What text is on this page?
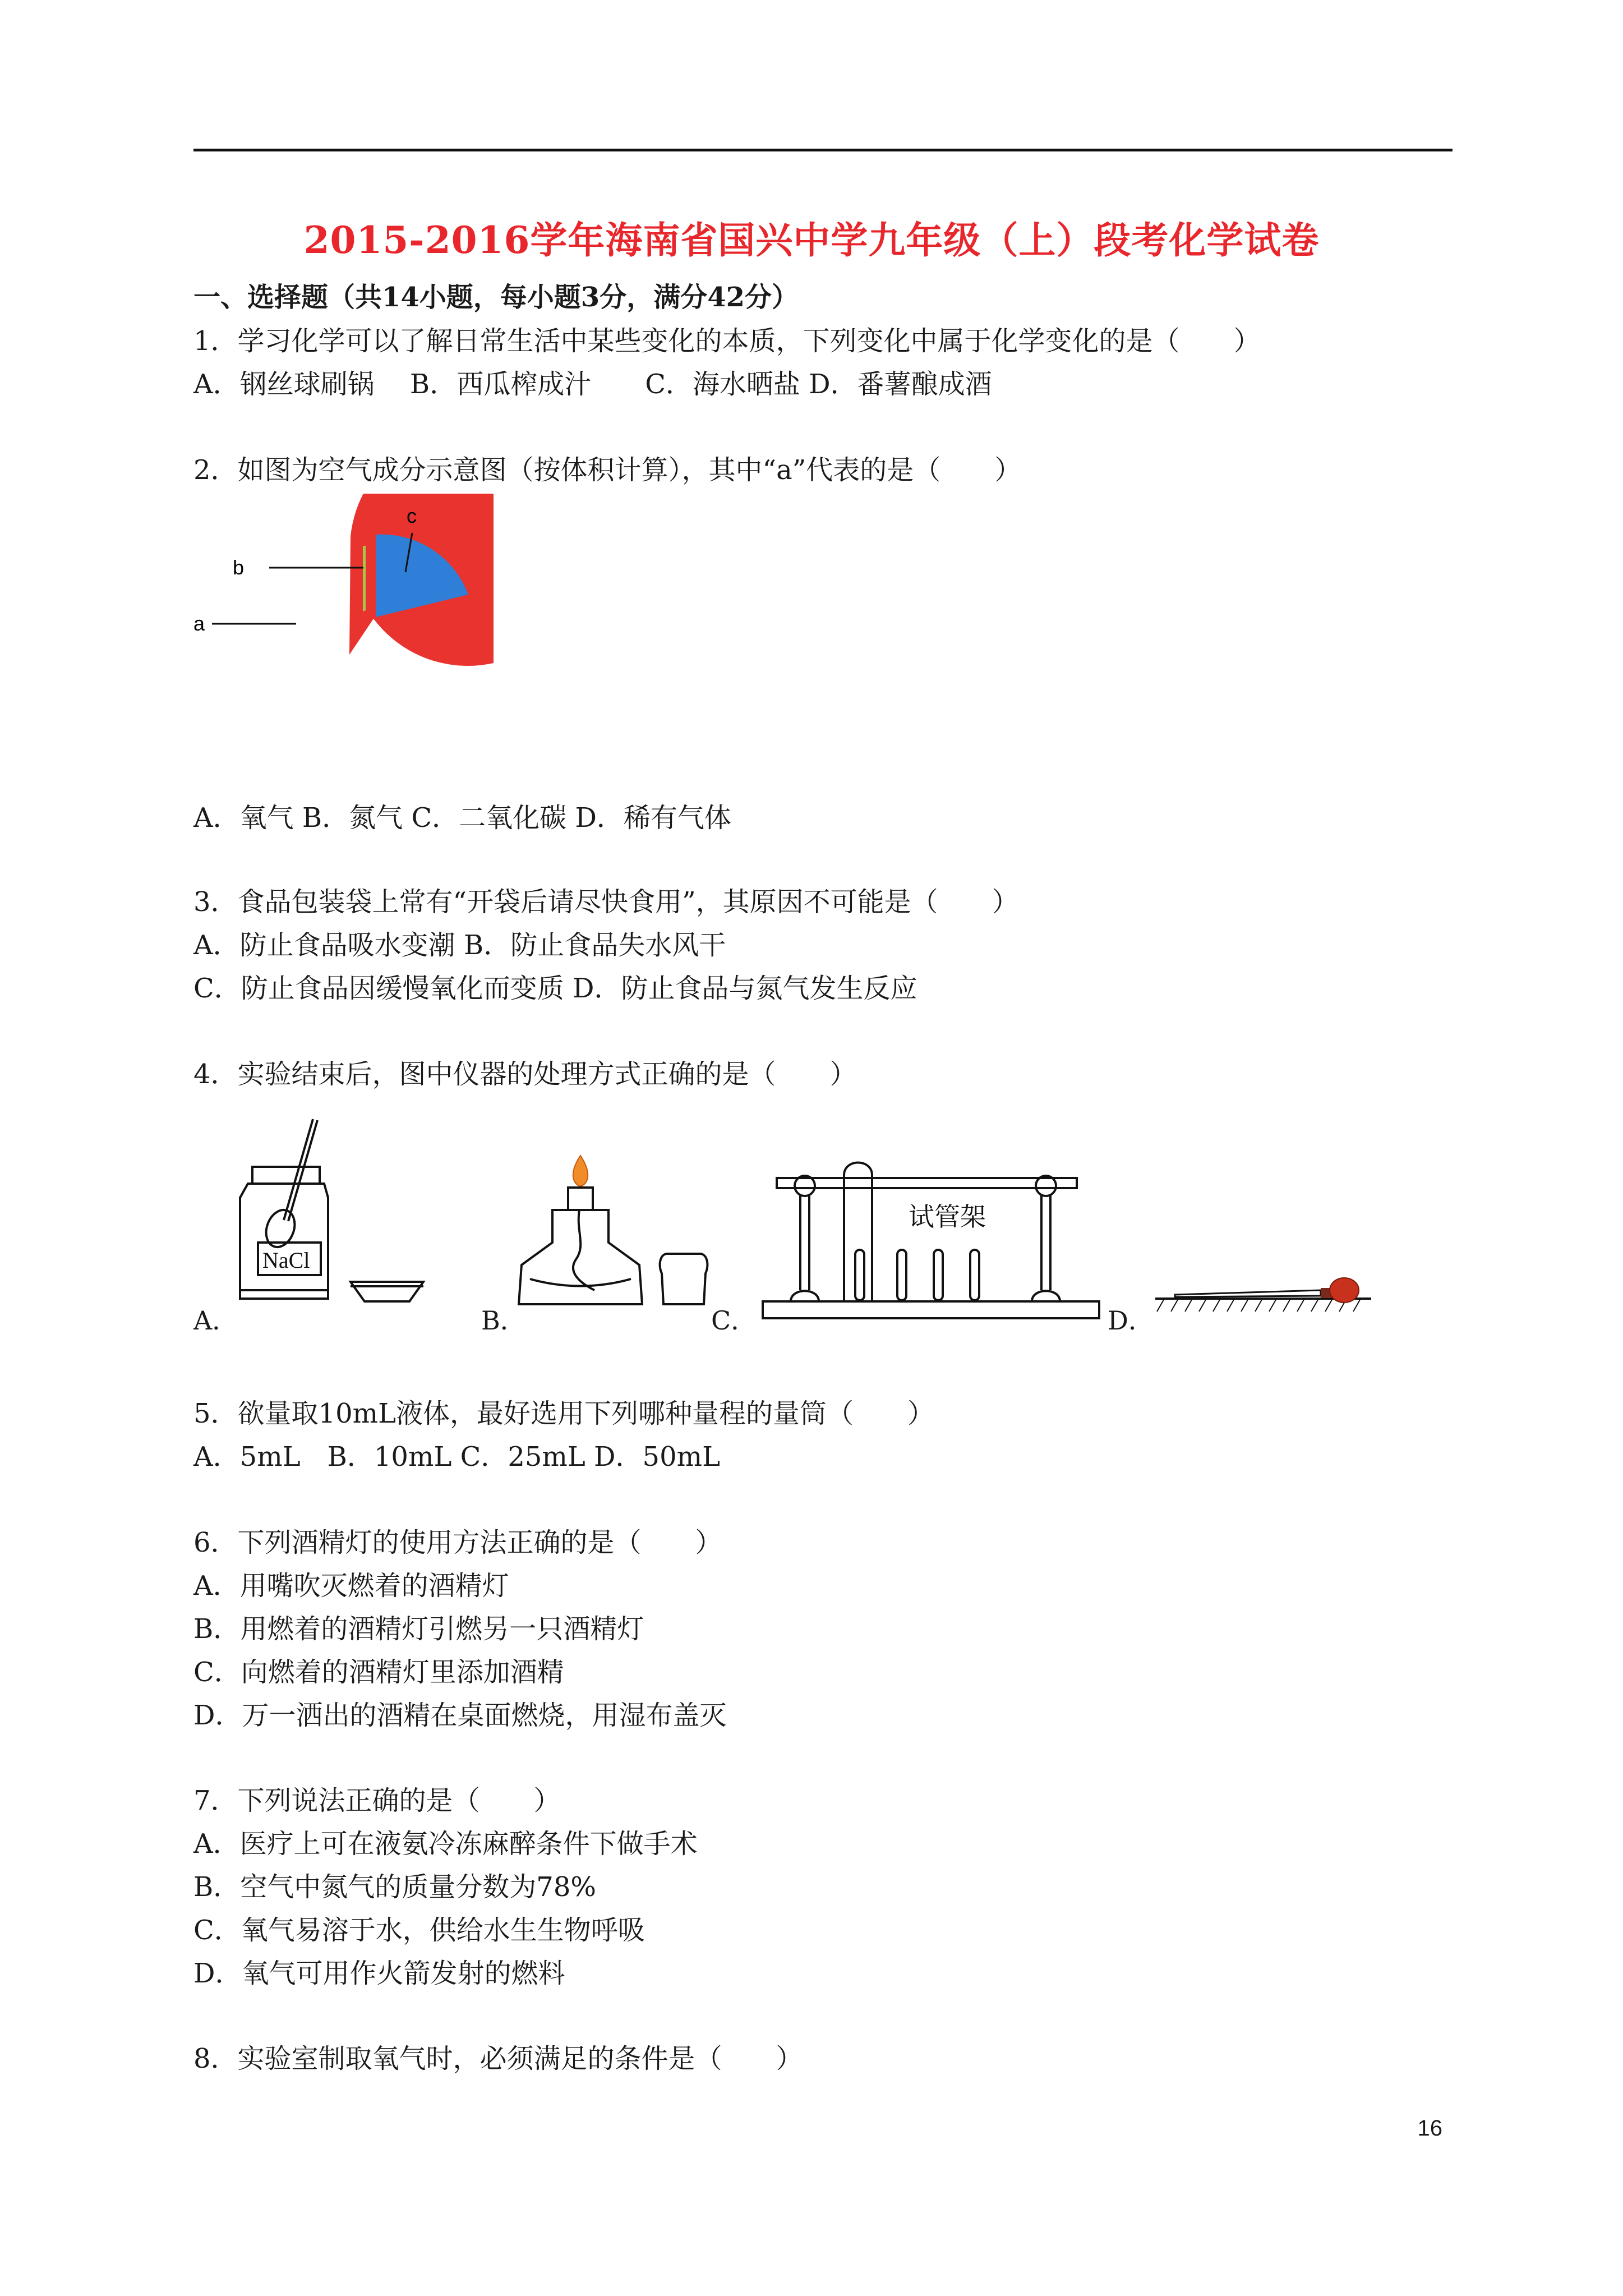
2015-2016学年海南省国兴中学九年级（上）段考化学试卷
一、选择题（共14小题，每小题3分，满分42分）
1．学习化学可以了解日常生活中某些变化的本质，下列变化中属于化学变化的是（　　）
A．钢丝球刷锅　 B．西瓜榨成汁　　C．海水晒盐 D．番薯酿成酒
2．如图为空气成分示意图（按体积计算），其中“a”代表的是（　　）
a
b
c
A．氧气 B．氮气 C．二氧化碳 D．稀有气体
3．食品包装袋上常有“开袋后请尽快食用”，其原因不可能是（　　）
A．防止食品吸水变潮 B．防止食品失水风干
C．防止食品因缓慢氧化而变质 D．防止食品与氮气发生反应
4．实验结束后，图中仪器的处理方式正确的是（　　）
A．
NaCl
B．	C．
试管架
D．
5．欲量取10mL液体，最好选用下列哪种量程的量筒（　　）
A．5mL　B．10mL C．25mL D．50mL
6．下列酒精灯的使用方法正确的是（　　）
A．用嘴吹灭燃着的酒精灯
B．用燃着的酒精灯引燃另一只酒精灯
C．向燃着的酒精灯里添加酒精
D．万一洒出的酒精在桌面燃烧，用湿布盖灭
7．下列说法正确的是（　　）
A．医疗上可在液氨冷冻麻醉条件下做手术
B．空气中氮气的质量分数为78%
C．氧气易溶于水，供给水生生物呼吸
D．氧气可用作火箭发射的燃料
8．实验室制取氧气时，必须满足的条件是（　　）
16
